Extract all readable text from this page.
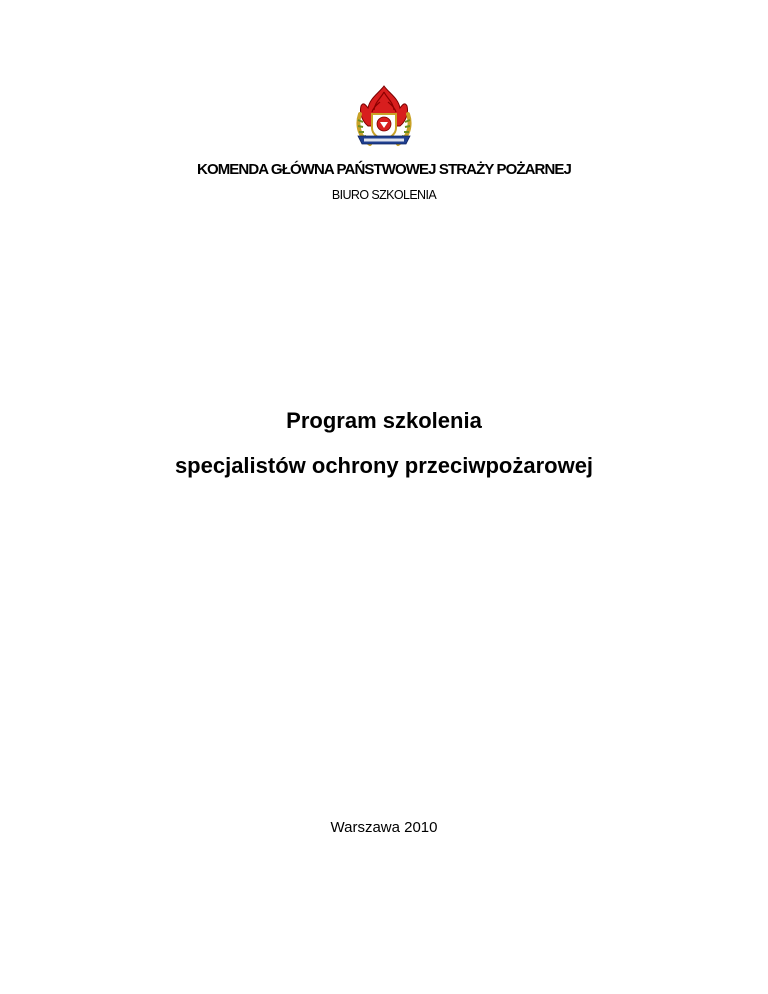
KOMENDA GŁÓWNA PAŃSTWOWEJ STRAŻY POŻARNEJ
BIURO SZKOLENIA
Program szkolenia
specjalistów ochrony przeciwpożarowej
Warszawa 2010
